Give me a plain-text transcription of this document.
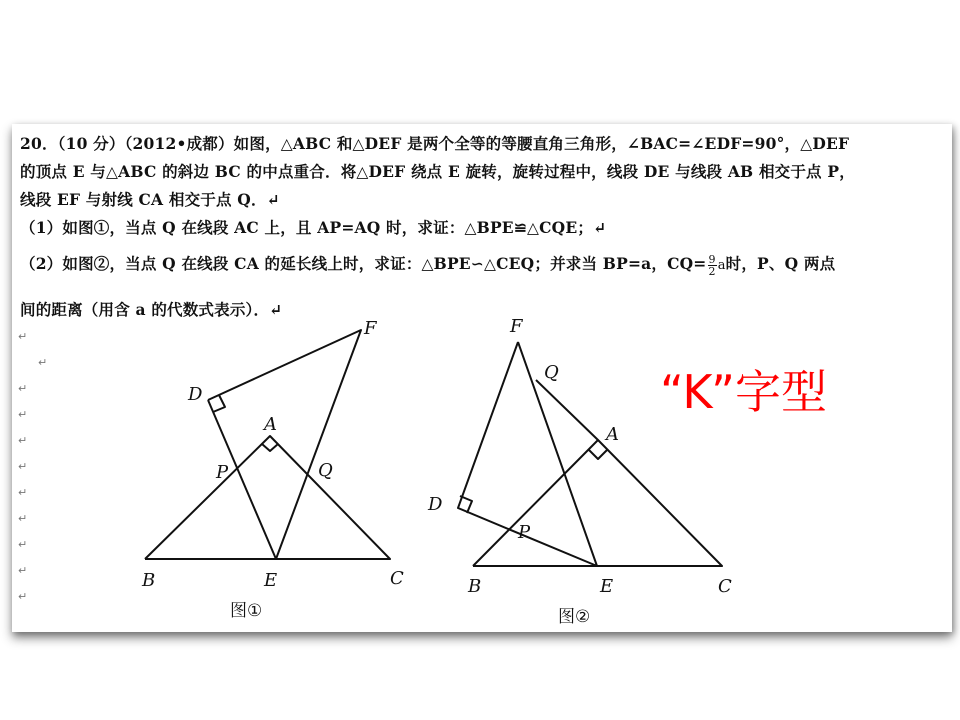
20．（10 分）（2012•成都）如图，△ABC 和△DEF 是两个全等的等腰直角三角形，∠BAC=∠EDF=90°，△DEF
的顶点 E 与△ABC 的斜边 BC 的中点重合．将△DEF 绕点 E 旋转，旋转过程中，线段 DE 与线段 AB 相交于点 P，
线段 EF 与射线 CA 相交于点 Q．↵
（1）如图①，当点 Q 在线段 AC 上，且 AP=AQ 时，求证：△BPE≌△CQE；↵
（2）如图②，当点 Q 在线段 CA 的延长线上时，求证：△BPE∽△CEQ；并求当 BP=a，$CQ= \frac{9}{2}$ a时，P、Q 两点
间的距离（用含 a 的代数式表示）．↵
↵
↵
↵
↵
↵
↵
↵
↵
↵
↵
↵
D
F
A
P	Q
B	E	C
图①
F
Q
A
D
P
B	E	C
图②
“K”字型
